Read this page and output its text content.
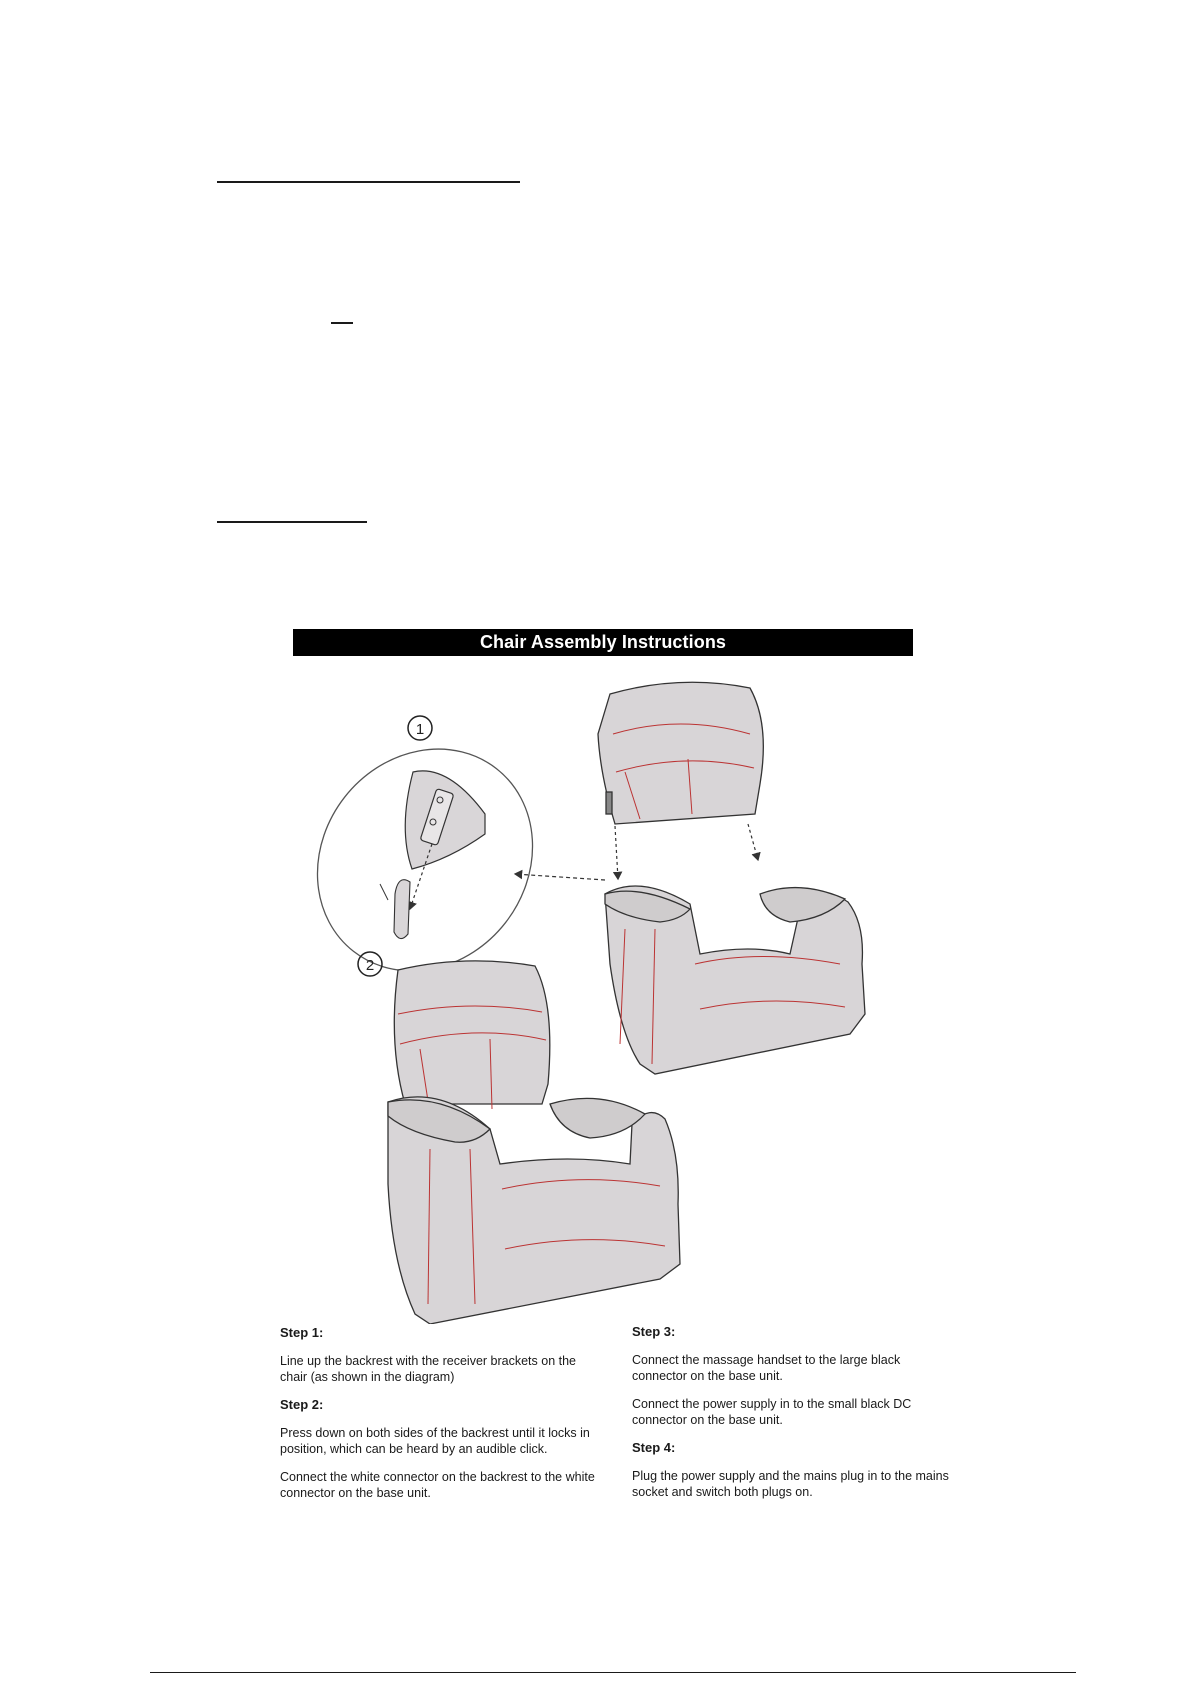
Chair Assembly Instructions
1
2

Step 1:

Line up the backrest with the receiver brackets on the chair (as shown in the diagram)

Step 2:

Press down on both sides of the backrest until it locks in position, which can be heard by an audible click.

Connect the white connector on the backrest to the white connector on the base unit.

Step 3:

Connect the massage handset to the large black connector on the base unit.

Connect the power supply in to the small black DC connector on the base unit.

Step 4:

Plug the power supply and the mains plug in to the mains socket and switch both plugs on.
